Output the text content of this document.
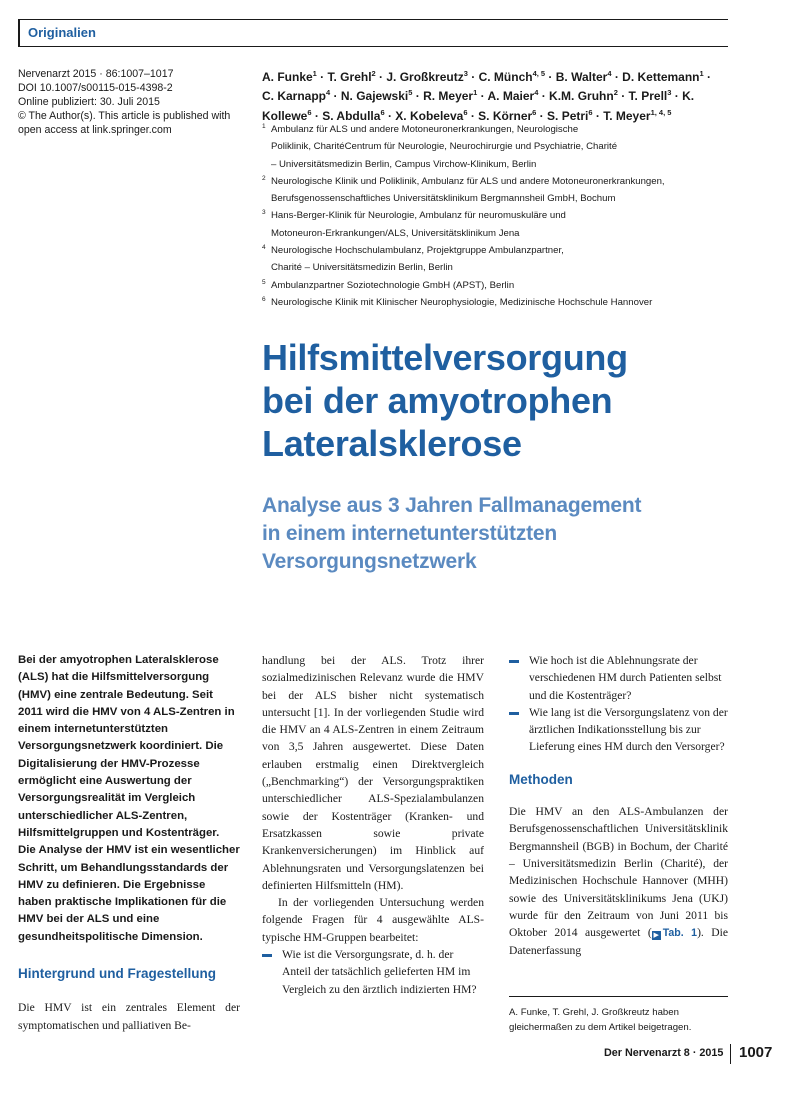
Originalien
Nervenarzt 2015 · 86:1007–1017
DOI 10.1007/s00115-015-4398-2
Online publiziert: 30. Juli 2015
© The Author(s). This article is published with
open access at link.springer.com
A. Funke$^1$ · T. Grehl$^2$ · J. Großkreutz$^3$ · C. Münch$^{4, 5}$ · B. Walter$^4$ · D. Kettemann$^1$ · C. Karnapp$^4$ · N. Gajewski$^5$ · R. Meyer$^1$ · A. Maier$^4$ · K.M. Gruhn$^2$ · T. Prell$^3$ · K. Kollewe$^6$ · S. Abdulla$^6$ · X. Kobeleva$^6$ · S. Körner$^6$ · S. Petri$^6$ · T. Meyer$^{1, 4, 5}$
1 Ambulanz für ALS und andere Motoneuronerkrankungen, Neurologische
Poliklinik, CharitéCentrum für Neurologie, Neurochirurgie und Psychiatrie, Charité
– Universitätsmedizin Berlin, Campus Virchow-Klinikum, Berlin
2 Neurologische Klinik und Poliklinik, Ambulanz für ALS und andere Motoneuronerkrankungen,
Berufsgenossenschaftliches Universitätsklinikum Bergmannsheil GmbH, Bochum
3 Hans-Berger-Klinik für Neurologie, Ambulanz für neuromuskuläre und
Motoneuron-Erkrankungen/ALS, Universitätsklinikum Jena
4 Neurologische Hochschulambulanz, Projektgruppe Ambulanzpartner,
Charité – Universitätsmedizin Berlin, Berlin
5 Ambulanzpartner Soziotechnologie GmbH (APST), Berlin
6 Neurologische Klinik mit Klinischer Neurophysiologie, Medizinische Hochschule Hannover
Hilfsmittelversorgung
bei der amyotrophen
Lateralsklerose
Analyse aus 3 Jahren Fallmanagement
in einem internetunterstützten
Versorgungsnetzwerk
Bei der amyotrophen Lateralsklerose (ALS) hat die Hilfsmittelversorgung (HMV) eine zentrale Bedeutung. Seit 2011 wird die HMV von 4 ALS-Zentren in einem internetunterstützten Versorgungsnetzwerk koordiniert. Die Digitalisierung der HMV-Prozesse ermöglicht eine Auswertung der Versorgungsrealität im Vergleich unterschiedlicher ALS-Zentren, Hilfsmittelgruppen und Kostenträger. Die Analyse der HMV ist ein wesentlicher Schritt, um Behandlungsstandards der HMV zu definieren. Die Ergebnisse haben praktische Implikationen für die HMV bei der ALS und eine gesundheitspolitische Dimension.
Hintergrund und Fragestellung

Die HMV ist ein zentrales Element der symptomatischen und palliativen Be-

handlung bei der ALS. Trotz ihrer sozialmedizinischen Relevanz wurde die HMV bei der ALS bisher nicht systematisch untersucht [1]. In der vorliegenden Studie wird die HMV an 4 ALS-Zentren in einem Zeitraum von 3,5 Jahren ausgewertet. Diese Daten erlauben erstmalig einen Direktvergleich („Benchmarking“) der Versorgungspraktiken unterschiedlicher ALS-Spezialambulanzen sowie der Kostenträger (Kranken- und Ersatzkassen sowie private Krankenversicherungen) im Hinblick auf Ablehnungsraten und Versorgungslatenzen bei definierten Hilfsmitteln (HM).

In der vorliegenden Untersuchung werden folgende Fragen für 4 ausgewählte ALS-typische HM-Gruppen bearbeitet:

Wie ist die Versorgungsrate, d. h. der Anteil der tatsächlich gelieferten HM im Vergleich zu den ärztlich indizierten HM?
Wie hoch ist die Ablehnungsrate der verschiedenen HM durch Patienten selbst und die Kostenträger?
Wie lang ist die Versorgungslatenz von der ärztlichen Indikationsstellung bis zur Lieferung eines HM durch den Versorger?
Methoden

Die HMV an den ALS-Ambulanzen der Berufsgenossenschaftlichen Universitätsklinik Bergmannsheil (BGB) in Bochum, der Charité – Universitätsmedizin Berlin (Charité), der Medizinischen Hochschule Hannover (MHH) sowie des Universitätsklinikums Jena (UKJ) wurde für den Zeitraum von Juni 2011 bis Oktober 2014 ausgewertet ( ▶ Tab. 1). Die Datenerfassung

A. Funke, T. Grehl, J. Großkreutz haben gleichermaßen zu dem Artikel beigetragen.
Der Nervenarzt 8 · 2015 1007
